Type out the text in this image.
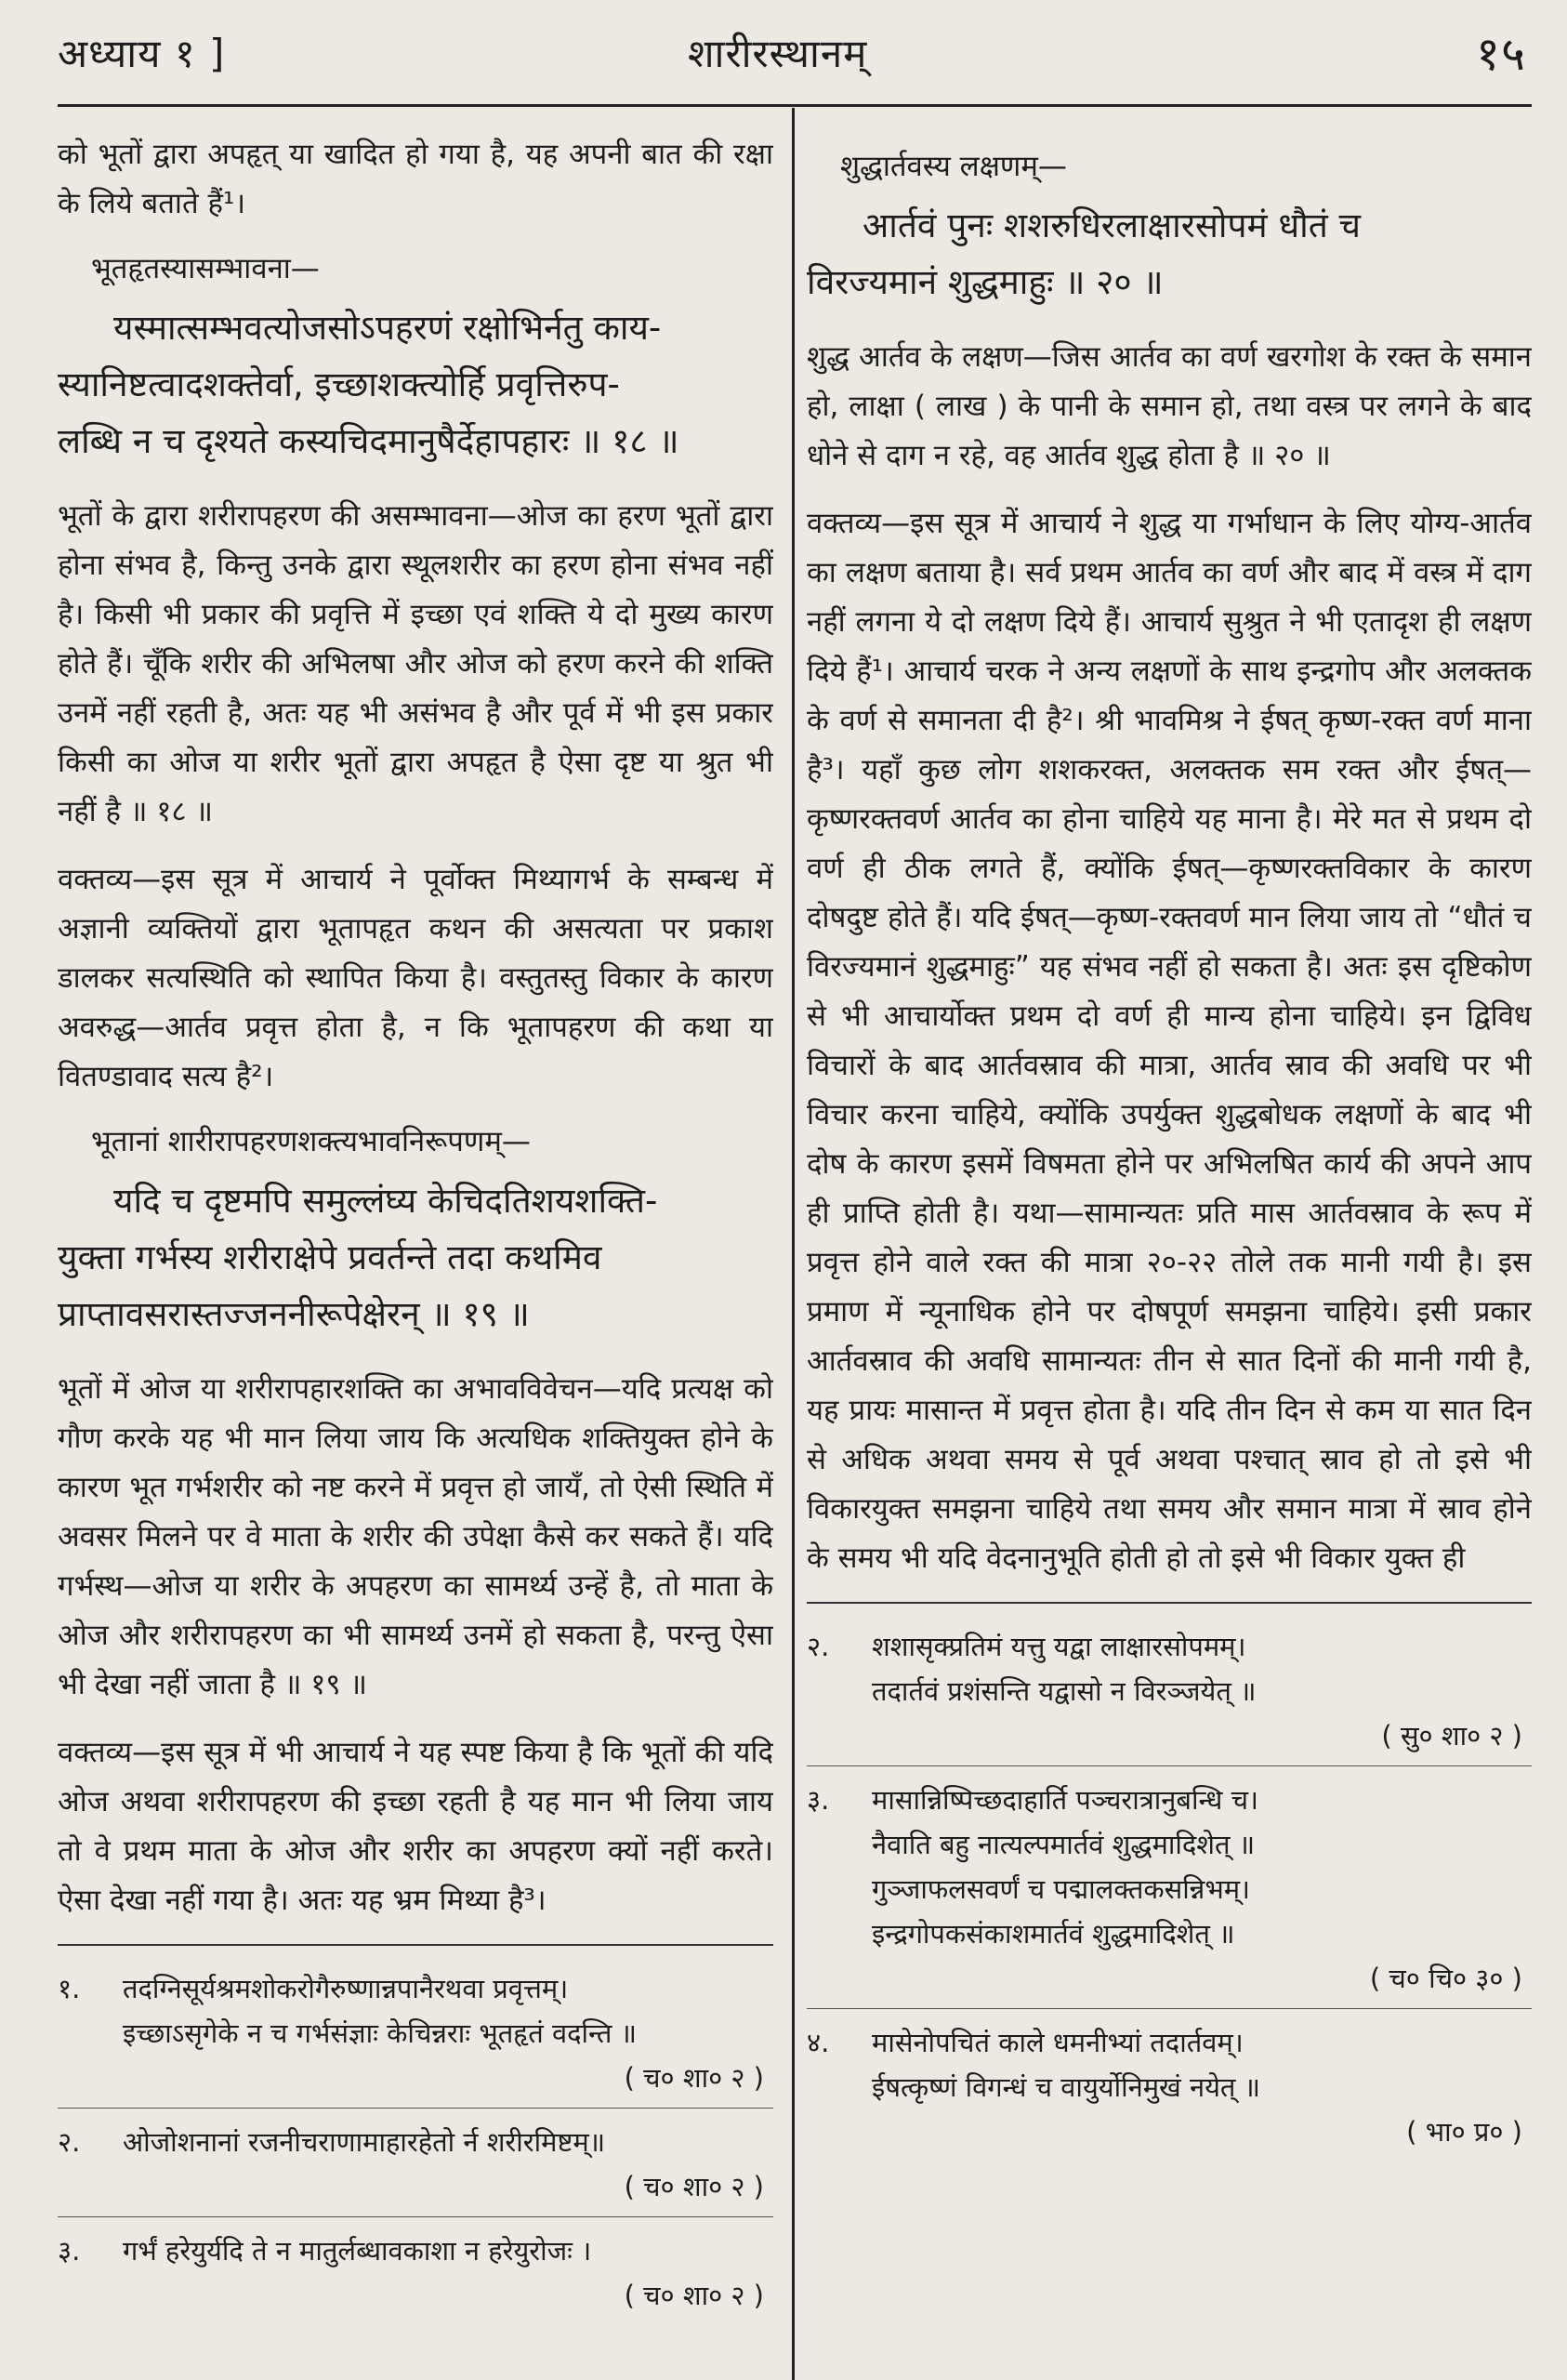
अध्याय १ ]	शारीरस्थानम्	१५

को भूतों द्वारा अपहृत् या खादित हो गया है, यह अपनी बात की रक्षा के लिये बताते हैं¹।

भूतहृतस्यासम्भावना—
यस्मात्सम्भवत्योजसोऽपहरणं रक्षोभिर्नतु काय-
स्यानिष्टत्वादशक्तेर्वा, इच्छाशक्त्योर्हि प्रवृत्तिरुप-
लब्धि न च दृश्यते कस्यचिदमानुषैर्देहापहारः ॥ १८ ॥

भूतों के द्वारा शरीरापहरण की असम्भावना—ओज का हरण भूतों द्वारा होना संभव है, किन्तु उनके द्वारा स्थूलशरीर का हरण होना संभव नहीं है। किसी भी प्रकार की प्रवृत्ति में इच्छा एवं शक्ति ये दो मुख्य कारण होते हैं। चूँकि शरीर की अभिलषा और ओज को हरण करने की शक्ति उनमें नहीं रहती है, अतः यह भी असंभव है और पूर्व में भी इस प्रकार किसी का ओज या शरीर भूतों द्वारा अपहृत है ऐसा दृष्ट या श्रुत भी नहीं है ॥ १८ ॥

वक्तव्य—इस सूत्र में आचार्य ने पूर्वोक्त मिथ्यागर्भ के सम्बन्ध में अज्ञानी व्यक्तियों द्वारा भूतापहृत कथन की असत्यता पर प्रकाश डालकर सत्यस्थिति को स्थापित किया है। वस्तुतस्तु विकार के कारण अवरुद्ध—आर्तव प्रवृत्त होता है, न कि भूतापहरण की कथा या वितण्डावाद सत्य है²।

भूतानां शारीरापहरणशक्त्यभावनिरूपणम्—
यदि च दृष्टमपि समुल्लंघ्य केचिदतिशयशक्ति-
युक्ता गर्भस्य शरीराक्षेपे प्रवर्तन्ते तदा कथमिव
प्राप्तावसरास्तज्जननीरूपेक्षेरन् ॥ १९ ॥

भूतों में ओज या शरीरापहारशक्ति का अभावविवेचन—यदि प्रत्यक्ष को गौण करके यह भी मान लिया जाय कि अत्यधिक शक्तियुक्त होने के कारण भूत गर्भशरीर को नष्ट करने में प्रवृत्त हो जायँ, तो ऐसी स्थिति में अवसर मिलने पर वे माता के शरीर की उपेक्षा कैसे कर सकते हैं। यदि गर्भस्थ—ओज या शरीर के अपहरण का सामर्थ्य उन्हें है, तो माता के ओज और शरीरापहरण का भी सामर्थ्य उनमें हो सकता है, परन्तु ऐसा भी देखा नहीं जाता है ॥ १९ ॥

वक्तव्य—इस सूत्र में भी आचार्य ने यह स्पष्ट किया है कि भूतों की यदि ओज अथवा शरीरापहरण की इच्छा रहती है यह मान भी लिया जाय तो वे प्रथम माता के ओज और शरीर का अपहरण क्यों नहीं करते। ऐसा देखा नहीं गया है। अतः यह भ्रम मिथ्या है³।

१.	तदग्निसूर्यश्रमशोकरोगैरुष्णान्नपानैरथवा प्रवृत्तम्।
इच्छाऽसृगेके न च गर्भसंज्ञाः केचिन्नराः भूतहृतं वदन्ति ॥
( च० शा० २ )
२.	ओजोशनानां रजनीचराणामाहारहेतो र्न शरीरमिष्टम्॥
( च० शा० २ )
३.	गर्भं हरेयुर्यदि ते न मातुर्लब्धावकाशा न हरेयुरोजः ।
( च० शा० २ )
शुद्धार्तवस्य लक्षणम्—
आर्तवं पुनः शशरुधिरलाक्षारसोपमं धौतं च
विरज्यमानं शुद्धमाहुः ॥ २० ॥

शुद्ध आर्तव के लक्षण—जिस आर्तव का वर्ण खरगोश के रक्त के समान हो, लाक्षा ( लाख ) के पानी के समान हो, तथा वस्त्र पर लगने के बाद धोने से दाग न रहे, वह आर्तव शुद्ध होता है ॥ २० ॥

वक्तव्य—इस सूत्र में आचार्य ने शुद्ध या गर्भाधान के लिए योग्य-आर्तव का लक्षण बताया है। सर्व प्रथम आर्तव का वर्ण और बाद में वस्त्र में दाग नहीं लगना ये दो लक्षण दिये हैं। आचार्य सुश्रुत ने भी एतादृश ही लक्षण दिये हैं¹। आचार्य चरक ने अन्य लक्षणों के साथ इन्द्रगोप और अलक्तक के वर्ण से समानता दी है²। श्री भावमिश्र ने ईषत् कृष्ण-रक्त वर्ण माना है³। यहाँ कुछ लोग शशकरक्त, अलक्तक सम रक्त और ईषत्—कृष्णरक्तवर्ण आर्तव का होना चाहिये यह माना है। मेरे मत से प्रथम दो वर्ण ही ठीक लगते हैं, क्योंकि ईषत्—कृष्णरक्तविकार के कारण दोषदुष्ट होते हैं। यदि ईषत्—कृष्ण-रक्तवर्ण मान लिया जाय तो “धौतं च विरज्यमानं शुद्धमाहुः” यह संभव नहीं हो सकता है। अतः इस दृष्टिकोण से भी आचार्योक्त प्रथम दो वर्ण ही मान्य होना चाहिये। इन द्विविध विचारों के बाद आर्तवस्राव की मात्रा, आर्तव स्राव की अवधि पर भी विचार करना चाहिये, क्योंकि उपर्युक्त शुद्धबोधक लक्षणों के बाद भी दोष के कारण इसमें विषमता होने पर अभिलषित कार्य की अपने आप ही प्राप्ति होती है। यथा—सामान्यतः प्रति मास आर्तवस्राव के रूप में प्रवृत्त होने वाले रक्त की मात्रा २०-२२ तोले तक मानी गयी है। इस प्रमाण में न्यूनाधिक होने पर दोषपूर्ण समझना चाहिये। इसी प्रकार आर्तवस्राव की अवधि सामान्यतः तीन से सात दिनों की मानी गयी है, यह प्रायः मासान्त में प्रवृत्त होता है। यदि तीन दिन से कम या सात दिन से अधिक अथवा समय से पूर्व अथवा पश्चात् स्राव हो तो इसे भी विकारयुक्त समझना चाहिये तथा समय और समान मात्रा में स्राव होने के समय भी यदि वेदनानुभूति होती हो तो इसे भी विकार युक्त ही

२.	शशासृक्प्रतिमं यत्तु यद्वा लाक्षारसोपमम्।
तदार्तवं प्रशंसन्ति यद्वासो न विरञ्जयेत् ॥
( सु० शा० २ )
३.	मासान्निष्पिच्छदाहार्ति पञ्चरात्रानुबन्धि च।
नैवाति बहु नात्यल्पमार्तवं शुद्धमादिशेत् ॥
गुञ्जाफलसवर्णं च पद्मालक्तकसन्निभम्।
इन्द्रगोपकसंकाशमार्तवं शुद्धमादिशेत् ॥
( च० चि० ३० )
४.	मासेनोपचितं काले धमनीभ्यां तदार्तवम्।
ईषत्कृष्णं विगन्धं च वायुर्योनिमुखं नयेत् ॥
( भा० प्र० )
